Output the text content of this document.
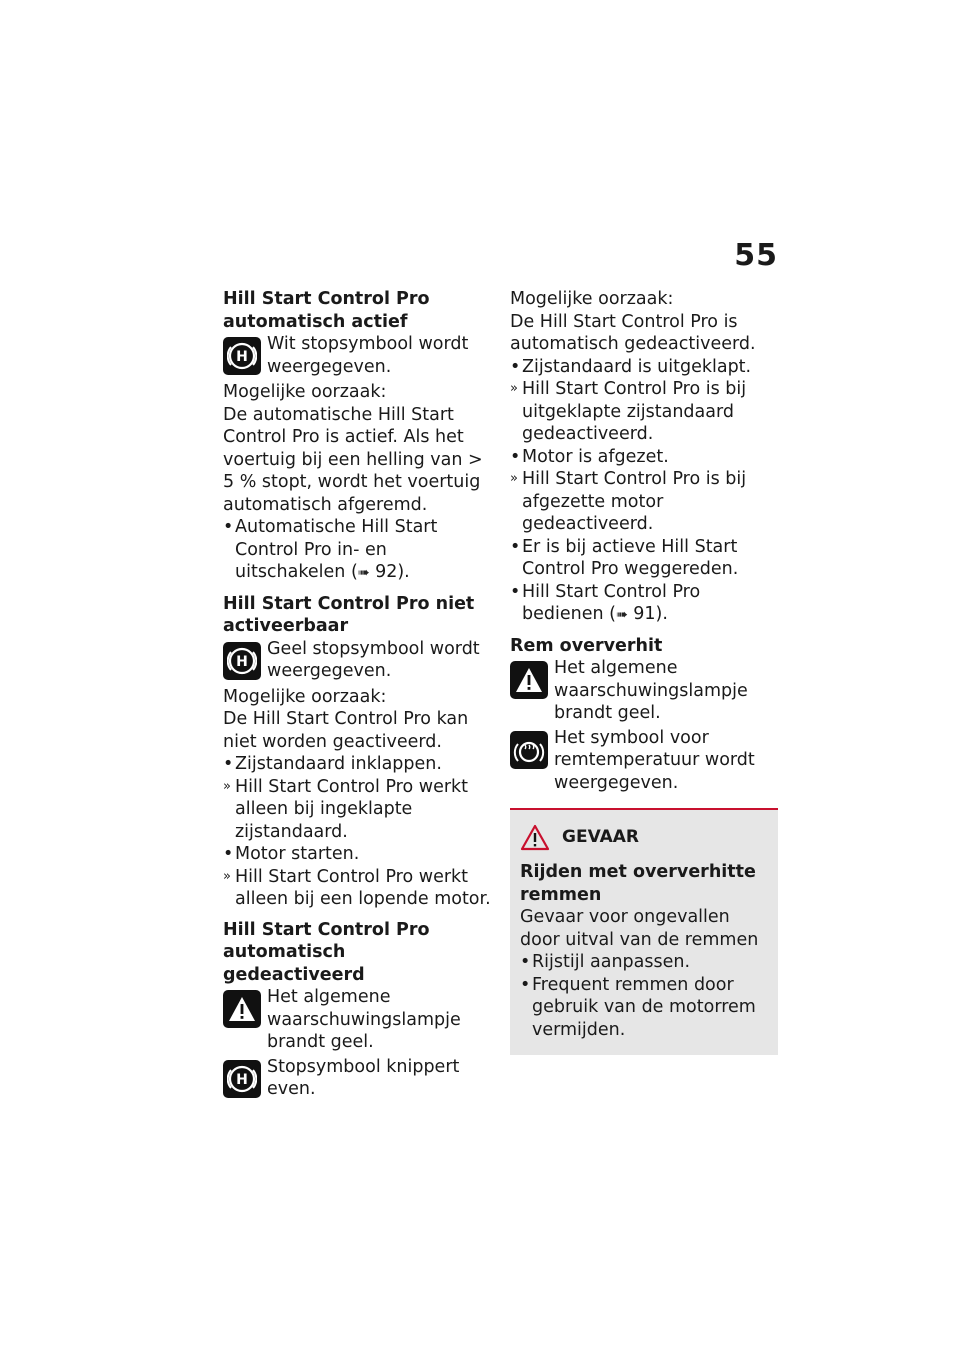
55
Hill Start Control Pro automatisch actief
H
Wit stopsymbool wordt weergegeven.
Mogelijke oorzaak:
De automatische Hill Start Control Pro is actief. Als het voertuig bij een helling van > 5 % stopt, wordt het voertuig automatisch afgeremd.
• Automatische Hill Start Control Pro in- en uitschakelen (➠ 92).
Hill Start Control Pro niet activeerbaar
H
Geel stopsymbool wordt weergegeven.
Mogelijke oorzaak:
De Hill Start Control Pro kan niet worden geactiveerd.
• Zijstandaard inklappen.
» Hill Start Control Pro werkt alleen bij ingeklapte zijstandaard.
• Motor starten.
» Hill Start Control Pro werkt alleen bij een lopende motor.
Hill Start Control Pro automatisch gedeactiveerd
Het algemene waarschuwingslampje brandt geel.
H
Stopsymbool knippert even.
Mogelijke oorzaak:
De Hill Start Control Pro is automatisch gedeactiveerd.
• Zijstandaard is uitgeklapt.
» Hill Start Control Pro is bij uitgeklapte zijstandaard gedeactiveerd.
• Motor is afgezet.
» Hill Start Control Pro is bij afgezette motor gedeactiveerd.
• Er is bij actieve Hill Start Control Pro weggereden.
• Hill Start Control Pro bedienen (➠ 91).
Rem oververhit
Het algemene waarschuwingslampje brandt geel.
Het symbool voor remtemperatuur wordt weergegeven.
GEVAAR
Rijden met oververhitte remmen
Gevaar voor ongevallen door uitval van de remmen
• Rijstijl aanpassen.
• Frequent remmen door gebruik van de motorrem vermijden.
